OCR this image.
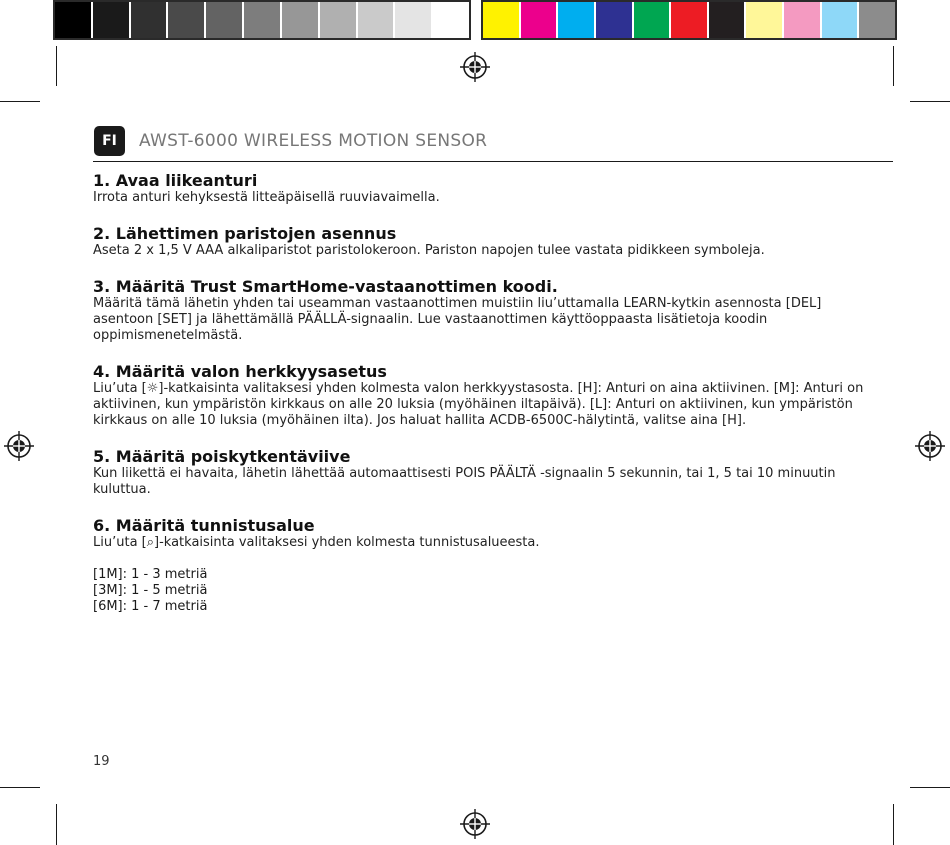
FI	AWST-6000 WIRELESS MOTION SENSOR
1. Avaa liikeanturi

Irrota anturi kehyksestä litteäpäisellä ruuviavaimella.

2. Lähettimen paristojen asennus

Aseta 2 x 1,5 V AAA alkaliparistot paristolokeroon. Pariston napojen tulee vastata pidikkeen symboleja.

3. Määritä Trust SmartHome-vastaanottimen koodi.

Määritä tämä lähetin yhden tai useamman vastaanottimen muistiin liu’uttamalla LEARN-kytkin asennosta [DEL] asentoon [SET] ja lähettämällä PÄÄLLÄ-signaalin. Lue vastaanottimen käyttöoppaasta lisätietoja koodin oppimismenetelmästä.

4. Määritä valon herkkyysasetus

Liu’uta [☼]-katkaisinta valitaksesi yhden kolmesta valon herkkyystasosta. [H]: Anturi on aina aktiivinen. [M]: Anturi on aktiivinen, kun ympäristön kirkkaus on alle 20 luksia (myöhäinen iltapäivä). [L]: Anturi on aktiivinen, kun ympäristön kirkkaus on alle 10 luksia (myöhäinen ilta). Jos haluat hallita ACDB-6500C-hälytintä, valitse aina [H].

5. Määritä poiskytkentäviive

Kun liikettä ei havaita, lähetin lähettää automaattisesti POIS PÄÄLTÄ -signaalin 5 sekunnin, tai 1, 5 tai 10 minuutin kuluttua.

6. Määritä tunnistusalue

Liu’uta [⌕]-katkaisinta valitaksesi yhden kolmesta tunnistusalueesta.

[1M]: 1 - 3 metriä
[3M]: 1 - 5 metriä
[6M]: 1 - 7 metriä
19
